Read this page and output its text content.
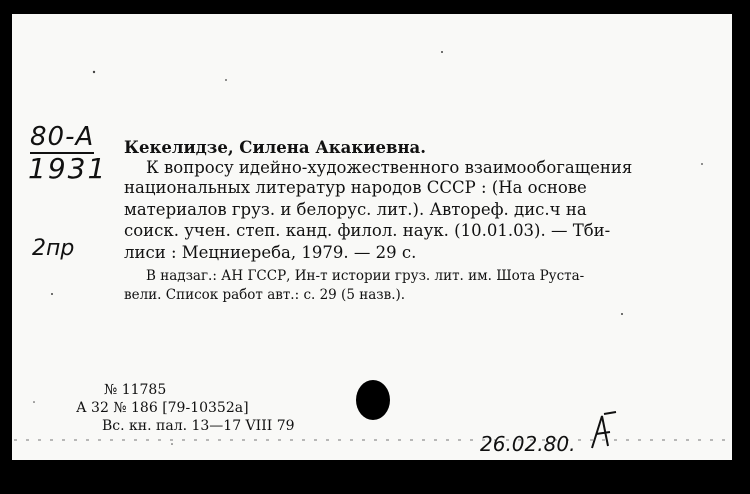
80-А
1931
2пр
Кекелидзе, Силена Акакиевна.
К вопросу идейно-художественного взаимообогащения
национальных литератур народов СССР : (На основе
материалов груз. и белорус. лит.). Автореф. дис.ч на
соиск. учен. степ. канд. филол. наук. (10.01.03). — Тби-
лиси : Мецниереба, 1979. — 29 с.
В надзаг.: АН ГССР, Ин-т истории груз. лит. им. Шота Руста-
вели. Список работ авт.: с. 29 (5 назв.).
№ 11785
А 32 № 186 [79-10352а]
Вс. кн. пал. 13—17 VIII 79
26.02.80.
